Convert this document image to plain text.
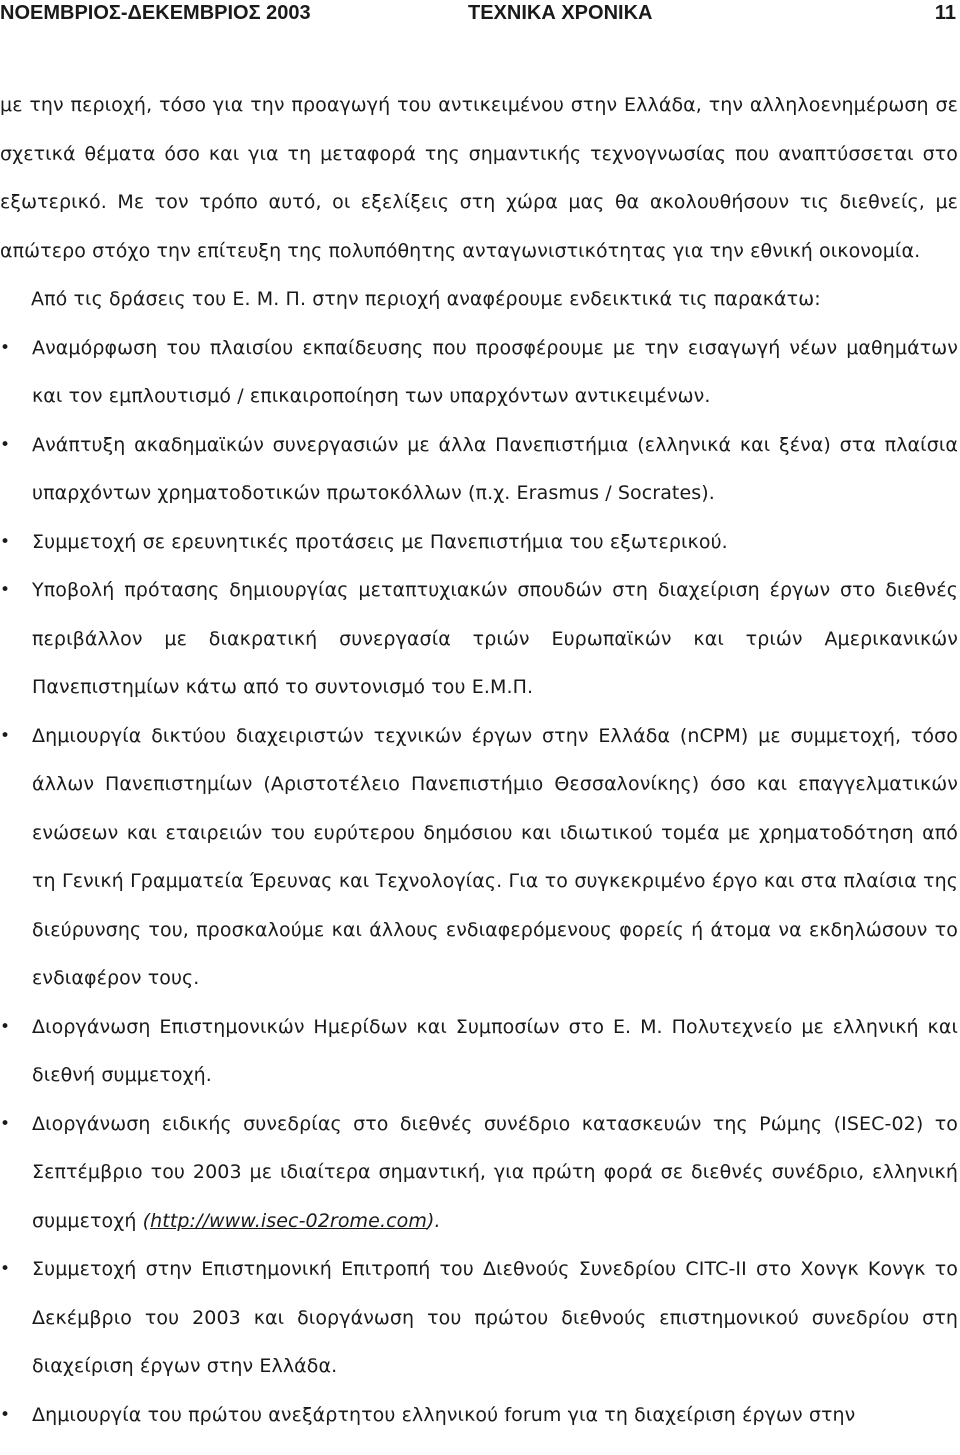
ΝΟΕΜΒΡΙΟΣ-ΔΕΚΕΜΒΡΙΟΣ 2003	ΤΕΧΝΙΚΑ ΧΡΟΝΙΚΑ	11

με την περιοχή, τόσο για την προαγωγή του αντικειμένου στην Ελλάδα, την αλληλοενημέρωση σε σχετικά θέματα όσο και για τη μεταφορά της σημαντικής τεχνογνωσίας που αναπτύσσεται στο εξωτερικό. Με τον τρόπο αυτό, οι εξελίξεις στη χώρα μας θα ακολουθήσουν τις διεθνείς, με απώτερο στόχο την επίτευξη της πολυπόθητης ανταγωνιστικότητας για την εθνική οικονομία.

Από τις δράσεις του Ε. Μ. Π. στην περιοχή αναφέρουμε ενδεικτικά τις παρακάτω:

•	Αναμόρφωση του πλαισίου εκπαίδευσης που προσφέρουμε με την εισαγωγή νέων μαθημάτων και τον εμπλουτισμό / επικαιροποίηση των υπαρχόντων αντικειμένων.
•	Ανάπτυξη ακαδημαϊκών συνεργασιών με άλλα Πανεπιστήμια (ελληνικά και ξένα) στα πλαίσια υπαρχόντων χρηματοδοτικών πρωτοκόλλων (π.χ. Erasmus / Socrates).
•	Συμμετοχή σε ερευνητικές προτάσεις με Πανεπιστήμια του εξωτερικού.
•	Υποβολή πρότασης δημιουργίας μεταπτυχιακών σπουδών στη διαχείριση έργων στο διεθνές περιβάλλον με διακρατική συνεργασία τριών Ευρωπαϊκών και τριών Αμερικανικών Πανεπιστημίων κάτω από το συντονισμό του Ε.Μ.Π.
•	Δημιουργία δικτύου διαχειριστών τεχνικών έργων στην Ελλάδα (nCPM) με συμμετοχή, τόσο άλλων Πανεπιστημίων (Αριστοτέλειο Πανεπιστήμιο Θεσσαλονίκης) όσο και επαγγελματικών ενώσεων και εταιρειών του ευρύτερου δημόσιου και ιδιωτικού τομέα με χρηματοδότηση από τη Γενική Γραμματεία Έρευνας και Τεχνολογίας. Για το συγκεκριμένο έργο και στα πλαίσια της διεύρυνσης του, προσκαλούμε και άλλους ενδιαφερόμενους φορείς ή άτομα να εκδηλώσουν το ενδιαφέρον τους.
•	Διοργάνωση Επιστημονικών Ημερίδων και Συμποσίων στο Ε. Μ. Πολυτεχνείο με ελληνική και διεθνή συμμετοχή.
•	Διοργάνωση ειδικής συνεδρίας στο διεθνές συνέδριο κατασκευών της Ρώμης (ISEC-02) το Σεπτέμβριο του 2003 με ιδιαίτερα σημαντική, για πρώτη φορά σε διεθνές συνέδριο, ελληνική συμμετοχή (http://www.isec-02rome.com).
•	Συμμετοχή στην Επιστημονική Επιτροπή του Διεθνούς Συνεδρίου CITC-II στο Χονγκ Κονγκ το Δεκέμβριο του 2003 και διοργάνωση του πρώτου διεθνούς επιστημονικού συνεδρίου στη διαχείριση έργων στην Ελλάδα.
•	Δημιουργία του πρώτου ανεξάρτητου ελληνικού forum για τη διαχείριση έργων στην
